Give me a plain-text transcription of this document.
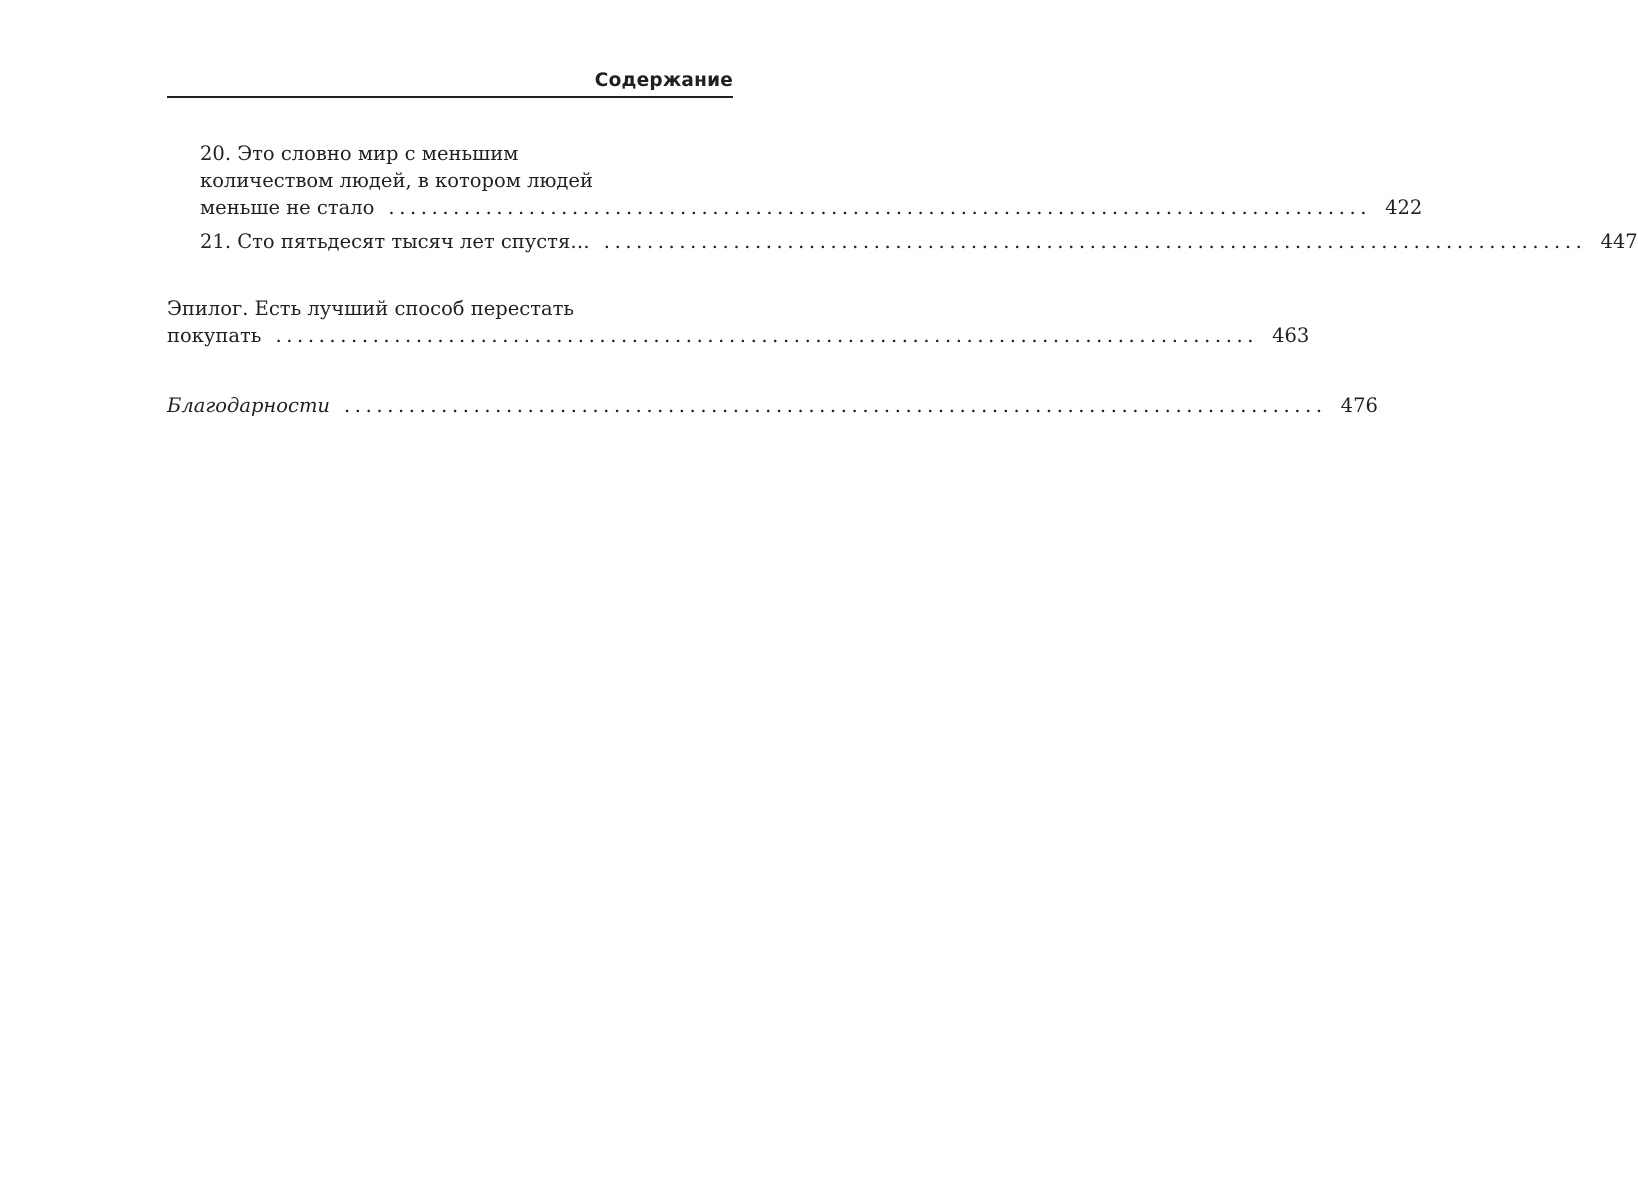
Содержание
20. Это словно мир с меньшим
количеством людей, в котором людей
меньше не стало ........................................................................................... 422
21. Сто пятьдесят тысяч лет спустя… ........................................................................................... 447
Эпилог. Есть лучший способ перестать
покупать ........................................................................................... 463
Благодарности ........................................................................................... 476
